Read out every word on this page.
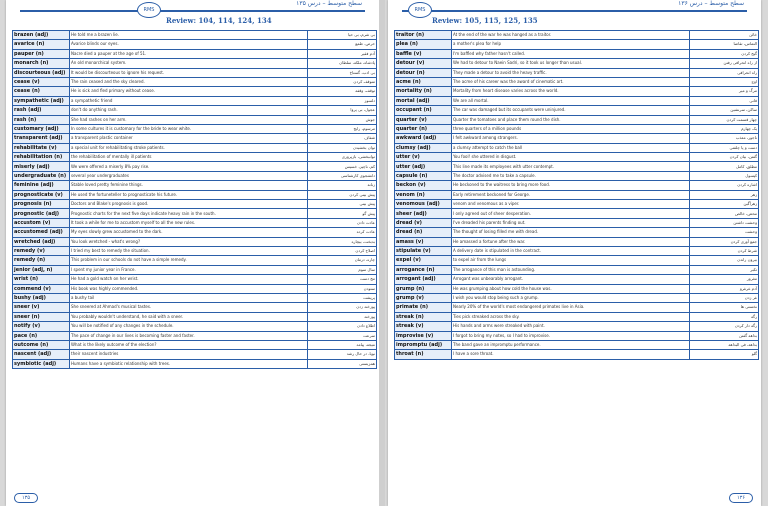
سطح متوسط – درس ۱۳۵
RMS
Review: 104, 114, 124, 134
brazen (adj)	He told me a brazen lie.	بی شرم، بی حیا
avarice (n)	Avarice blinds our eyes.	حرص، طمع
pauper (n)	Nacre died a pauper at the age of 51.	آدم فقیر
monarch (n)	An old monarchical system.	پادشاه، ملکه، سلطان
discourteous (adj)	It would be discourteous to ignore his request.	بی ادب، گستاخ
cease (v)	The rain ceased and the sky cleared.	متوقف کردن
cease (n)	He is sick and fled primary without cease.	توقف، وقفه
sympathetic (adj)	a sympathetic friend	دلسوز
rash (adj)	don't do anything rash.	عجول، بی پروا
rash (n)	She had rashes on her arm.	جوش
customary (adj)	In some cultures it is customary for the bride to wear white.	مرسوم، رایج
transparent (adj)	a transparent plastic container	شفاف
rehabilitate (v)	a special unit for rehabilitating stroke patients.	توان بخشیدن
rehabilitation (n)	the rehabilitation of mentally ill patients	توانبخشی، بازپروری
miserly (adj)	We were offered a miserly 8% pay rise.	کم، ناچیز، خسیس
undergraduate (n)	several year undergraduates	دانشجوی کارشناسی
feminine (adj)	Stable loved pretty feminine things.	زنانه
prognosticate (v)	He used the fortuneteller to prognosticate his future.	پیش بینی کردن
prognosis (n)	Doctors and Blake's prognosis is good.	پیش بینی
prognostic (adj)	Prognostic charts for the next five days indicate heavy rain in the south.	پیش گو
accustom (v)	It took a while for me to accustom myself to all the new rules.	عادت دادن
accustomed (adj)	My eyes slowly grew accustomed to the dark.	عادت کرده
wretched (adj)	You look wretched - what's wrong?	بدبخت، بیچاره
remedy (v)	I tried my best to remedy the situation.	اصلاح کردن
remedy (n)	This problem in our schools do not have a simple remedy.	چاره، درمان
jenior (adj, n)	I spent my junior year in France.	سال سوم
wrist (n)	He had a gold watch on her wrist.	مچ دست
commend (v)	His book was highly commended.	ستودن
bushy (adj)	a bushy tail	پرپشت
sneer (v)	She sneered at Ahmad's musical tastes.	پوزخند زدن
sneer (n)	You probably wouldn't understand, he said with a sneer.	پوزخند
notify (v)	You will be notified of any changes in the schedule.	اطلاع دادن
pace (n)	The pace of change in our lives is becoming faster and faster.	سرعت
outcome (n)	What is the likely outcome of the election?	نتیجه، پیامد
nascent (adj)	their nascent industries	نوپا، در حال رشد
symbiotic (adj)	Humans have a symbiotic relationship with trees.	همزیستی
۱۳۵
سطح متوسط – درس ۱۳۶
RMS
Review: 105, 115, 125, 135
traitor (n)	At the end of the war he was hanged as a traitor.	خائن
plea (n)	a mother's plea for help	التماس، تقاضا
baffle (v)	I'm baffled why father hasn't called.	گیج کردن
detour (v)	We had to detour to Naein Sadri, so it took us longer than usual.	از راه انحرافی رفتن
detour (n)	They made a detour to avoid the heavy traffic.	راه انحرافی
acme (n)	The acme of his career was the award of cinematic art.	اوج
mortality (n)	Mortality from heart disease varies across the world.	مرگ و میر
mortal (adj)	We are all mortal.	فانی
occupant (n)	The car was damaged but its occupants were uninjured.	ساکن، سرنشین
quarter (v)	Quarter the tomatoes and place them round the dish.	چهار قسمت کردن
quarter (n)	three quarters of a million pounds	یک چهارم
awkward (adj)	I felt awkward among strangers.	ناجور، معذب
clumsy (adj)	a clumsy attempt to catch the ball	دست و پا چلفتی
utter (v)	You fool! she uttered in disgust.	گفتن، بیان کردن
utter (adj)	This line made its employees with utter contempt.	مطلق، کامل
capsule (n)	The doctor advised me to take a capsule.	کپسول
beckon (v)	He beckoned to the waitress to bring more food.	اشاره کردن
venom (n)	Early retirement beckoned for George.	زهر
venomous (adj)	venom and venomous as a viper.	زهرآگین
sheer (adj)	I only agreed out of sheer desperation.	محض، خالص
dread (v)	I've dreaded his parents finding out.	وحشت داشتن
dread (n)	The thought of losing filled me with dread.	وحشت
amass (v)	He amassed a fortune after the war.	جمع آوری کردن
stipulate (v)	A delivery date is stipulated in the contract.	شرط کردن
expel (v)	to expel air from the lungs	بیرون راندن
arrogance (n)	The arrogance of this man is astounding.	تکبر
arrogant (adj)	Arrogant was unbearably arrogant.	مغرور
grump (n)	He was grumping about how cold the house was.	آدم غرغرو
grump (v)	I wish you would stop being such a grump.	غر زدن
primate (n)	Nearly 20% of the world's most endangered primates live in Asia.	نخستی ها
streak (n)	Ties pick streaked across the sky.	رگه
streak (v)	His hands and arms were streaked with paint.	رگه دار کردن
improvise (v)	I forgot to bring my notes, so I had to improvise.	بداهه گفتن
impromptu (adj)	The band gave an impromptu performance.	بداهه، فی البداهه
throat (n)	I have a sore throat.	گلو
۱۳۶
